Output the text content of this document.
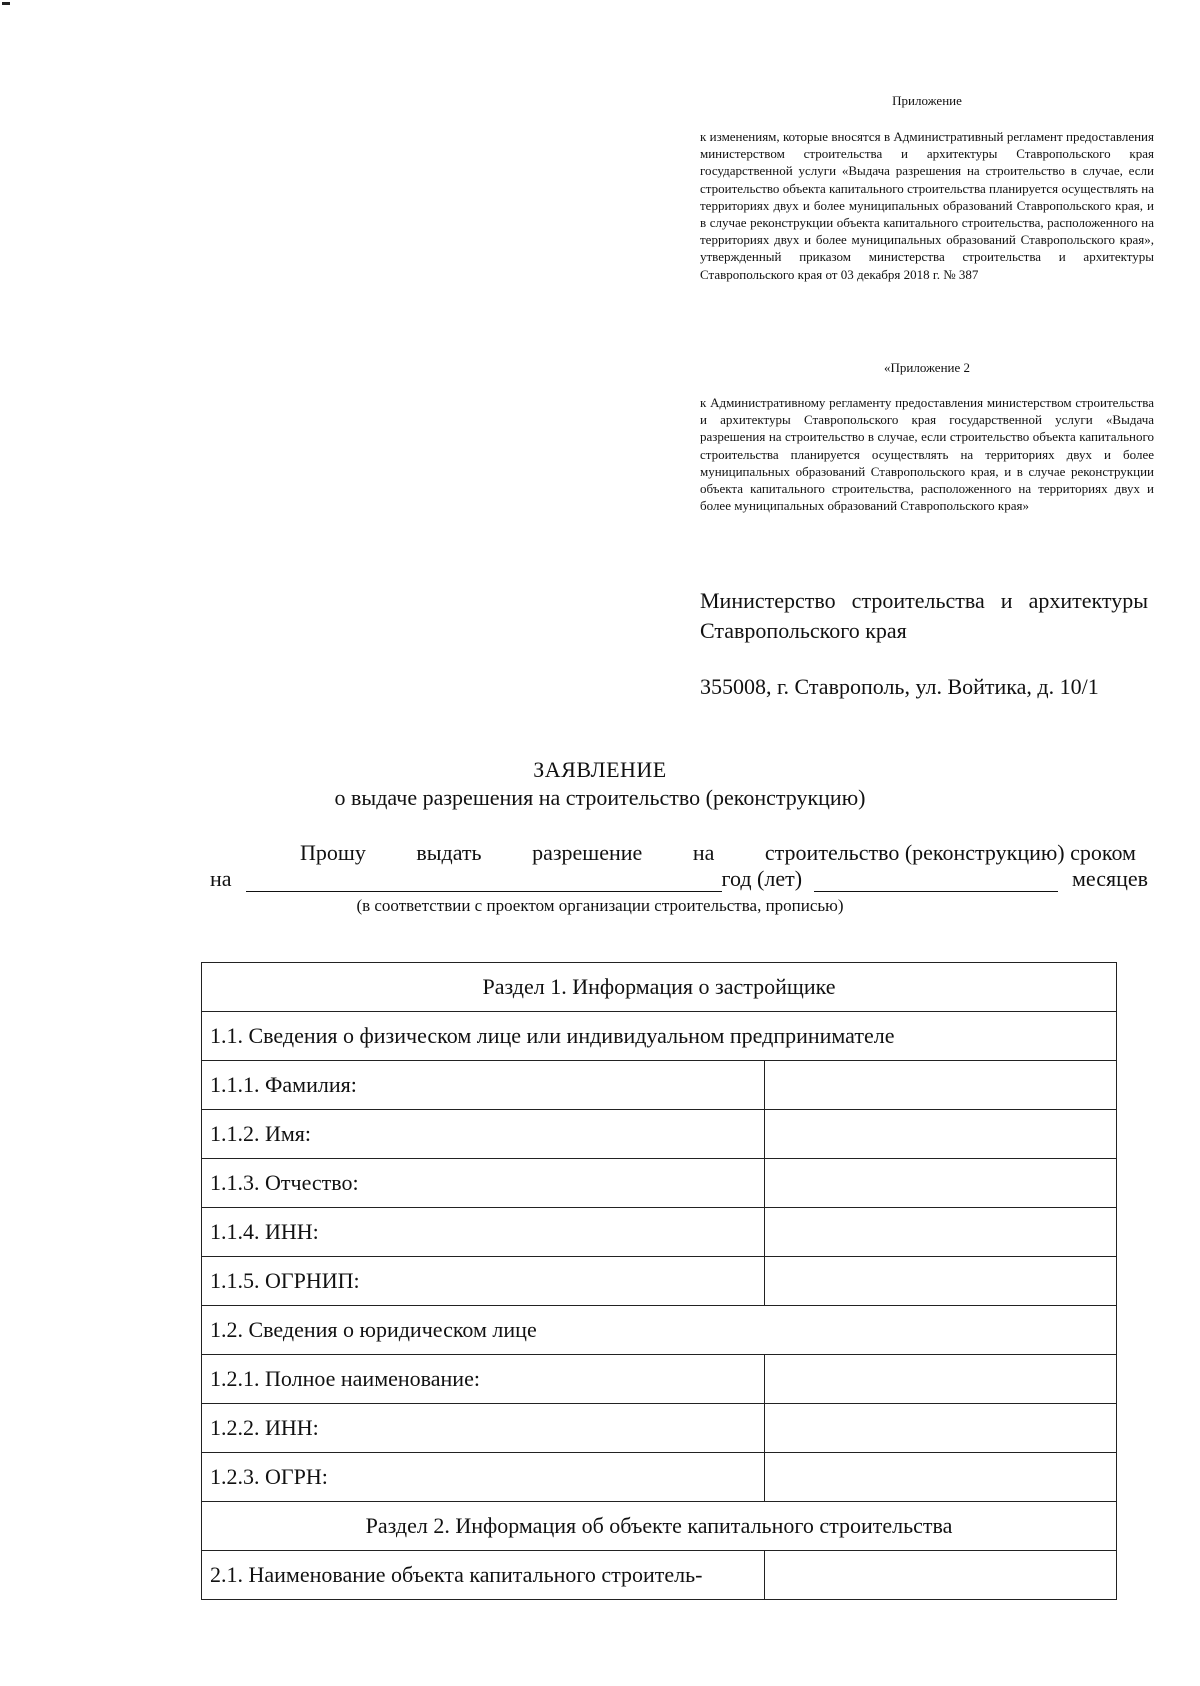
Приложение
к изменениям, которые вносятся в Административный регламент предоставления министерством строительства и архитектуры Ставропольского края государственной услуги «Выдача разрешения на строительство в случае, если строительство объекта капитального строительства планируется осуществлять на территориях двух и более муниципальных образований Ставропольского края, и в случае реконструкции объекта капитального строительства, расположенного на территориях двух и более муниципальных образований Ставропольского края», утвержденный приказом министерства строительства и архитектуры Ставропольского края от 03 декабря 2018 г. № 387
«Приложение 2
к Административному регламенту предоставления министерством строительства и архитектуры Ставропольского края государственной услуги «Выдача разрешения на строительство в случае, если строительство объекта капитального строительства планируется осуществлять на территориях двух и более муниципальных образований Ставропольского края, и в случае реконструкции объекта капитального строительства, расположенного на территориях двух и более муниципальных образований Ставропольского края»
Министерство строительства и архитектуры Ставропольского края
355008, г. Ставрополь, ул. Войтика, д. 10/1
ЗАЯВЛЕНИЕ
о выдаче разрешения на строительство (реконструкцию)
Прошу выдать разрешение на строительство (реконструкцию) сроком
на	год (лет)	месяцев
(в соответствии с проектом организации строительства, прописью)
Раздел 1. Информация о застройщике	
1.1. Сведения о физическом лице или индивидуальном предпринимателе	
1.1.1. Фамилия:	
1.1.2. Имя:	
1.1.3. Отчество:	
1.1.4. ИНН:	
1.1.5. ОГРНИП:	
1.2. Сведения о юридическом лице	
1.2.1. Полное наименование:	
1.2.2. ИНН:	
1.2.3. ОГРН:	
Раздел 2. Информация об объекте капитального строительства	
2.1. Наименование объекта капитального строитель-	
